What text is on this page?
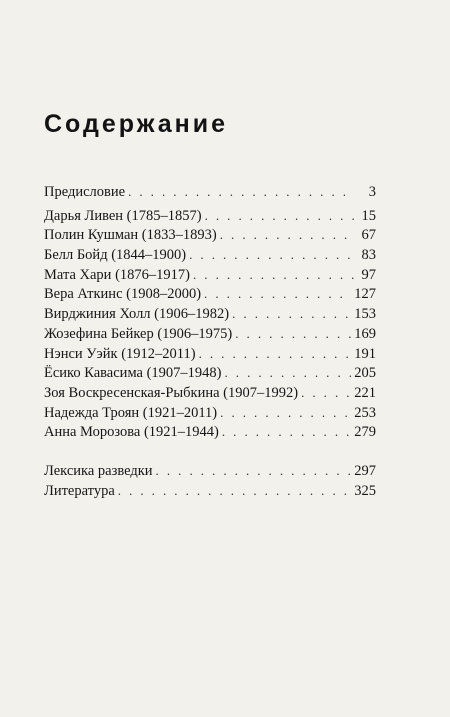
Содержание
Предисловие . . .	3
Дарья Ливен (1785–1857) . . .	15
Полин Кушман (1833–1893) . . .	67
Белл Бойд (1844–1900) . . .	83
Мата Хари (1876–1917) . . .	97
Вера Аткинс (1908–2000) . . .	127
Вирджиния Холл (1906–1982) . . .	153
Жозефина Бейкер (1906–1975) . . .	169
Нэнси Уэйк (1912–2011) . . .	191
Ёсико Кавасима (1907–1948) . . .	205
Зоя Воскресенская-Рыбкина (1907–1992) . . .	221
Надежда Троян (1921–2011) . . .	253
Анна Морозова (1921–1944) . . .	279
Лексика разведки . . .	297
Литература . . .	325
